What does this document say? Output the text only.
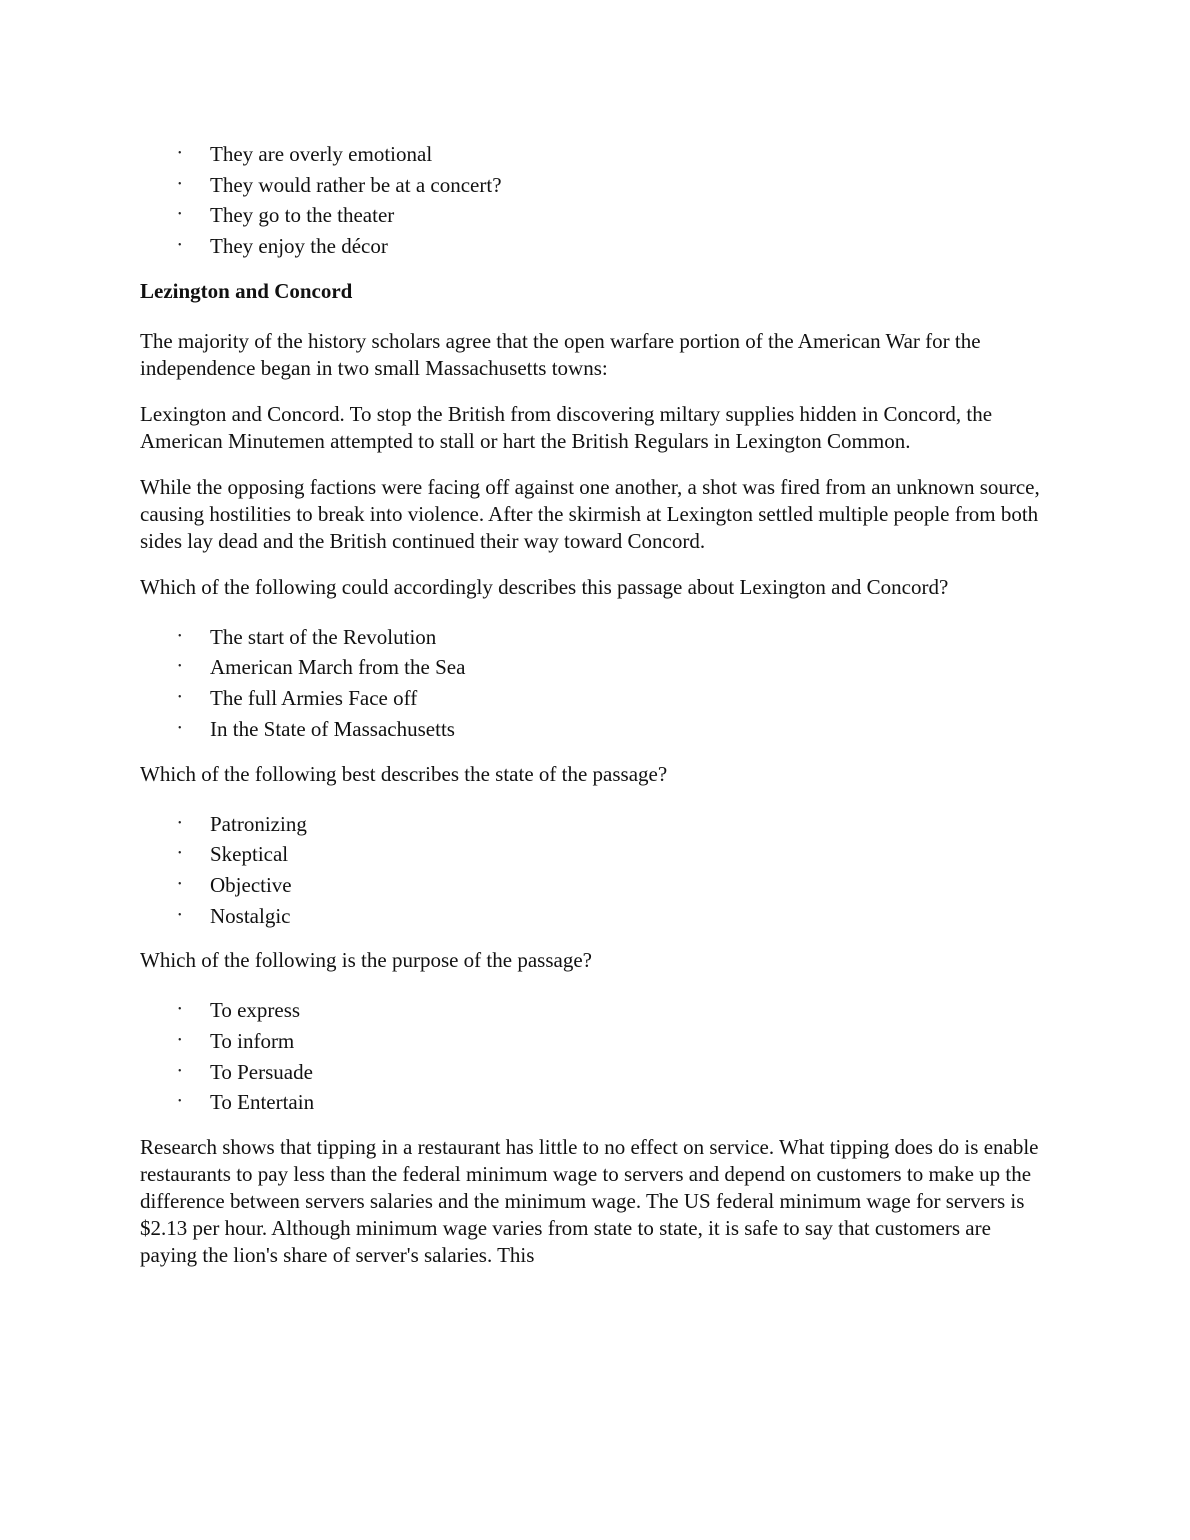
• They are overly emotional
• They would rather be at a concert?
• They go to the theater
• They enjoy the décor

Lezington and Concord

The majority of the history scholars agree that the open warfare portion of the American War for the independence began in two small Massachusetts towns:

Lexington and Concord. To stop the British from discovering miltary supplies hidden in Concord, the American Minutemen attempted to stall or hart the British Regulars in Lexington Common.

While the opposing factions were facing off against one another, a shot was fired from an unknown source, causing hostilities to break into violence. After the skirmish at Lexington settled multiple people from both sides lay dead and the British continued their way toward Concord.

Which of the following could accordingly describes this passage about Lexington and Concord?

• The start of the Revolution
• American March from the Sea
• The full Armies Face off
• In the State of Massachusetts

Which of the following best describes the state of the passage?

• Patronizing
• Skeptical
• Objective
• Nostalgic

Which of the following is the purpose of the passage?

• To express
• To inform
• To Persuade
• To Entertain

Research shows that tipping in a restaurant has little to no effect on service. What tipping does do is enable restaurants to pay less than the federal minimum wage to servers and depend on customers to make up the difference between servers salaries and the minimum wage. The US federal minimum wage for servers is $2.13 per hour. Although minimum wage varies from state to state, it is safe to say that customers are paying the lion's share of server's salaries. This
